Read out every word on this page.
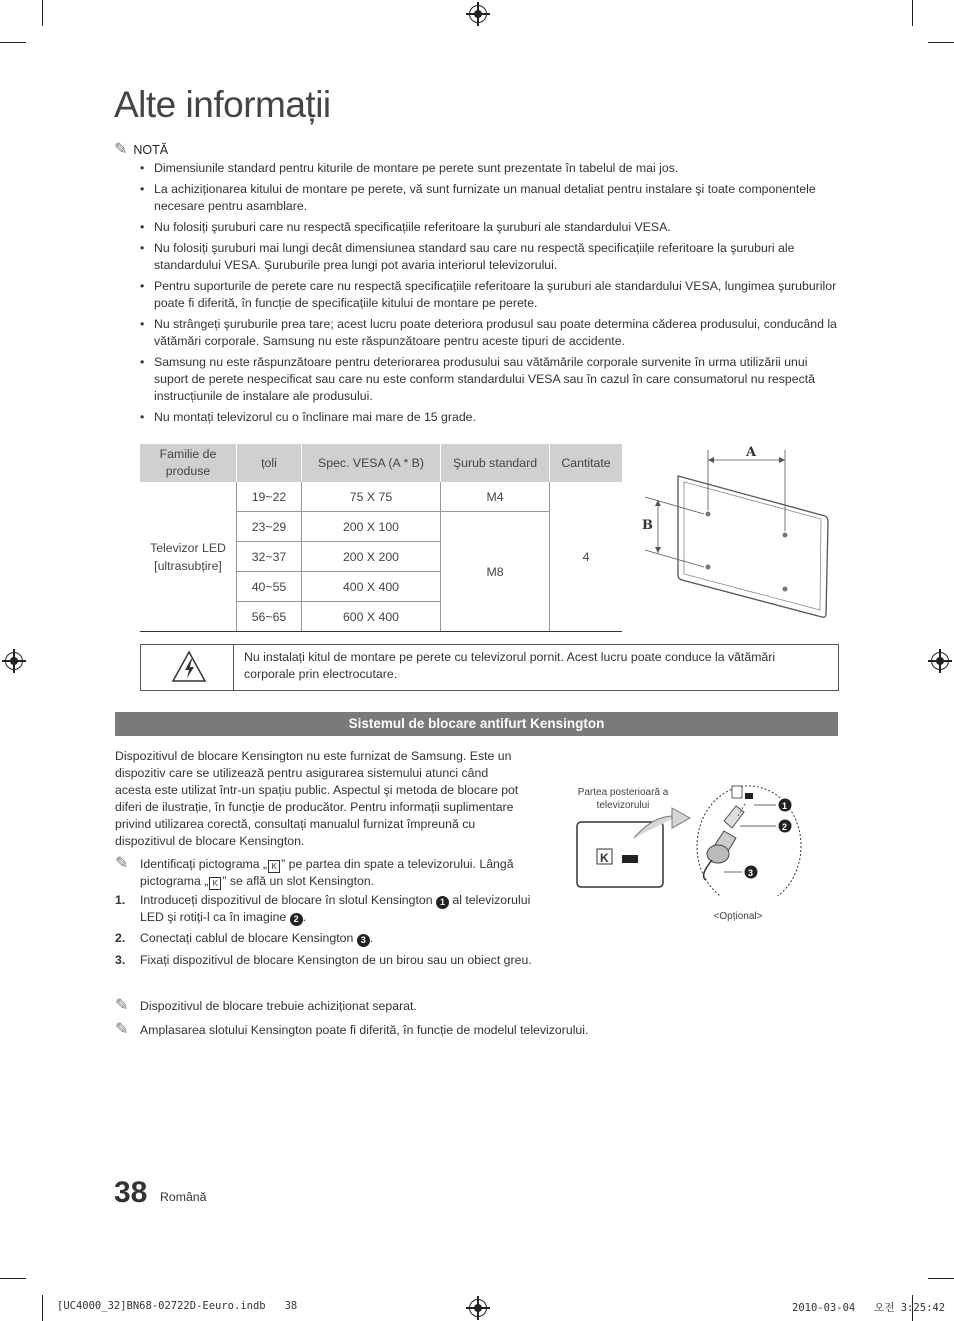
Alte informații
✎ NOTĂ
• Dimensiunile standard pentru kiturile de montare pe perete sunt prezentate în tabelul de mai jos.
• La achiziționarea kitului de montare pe perete, vă sunt furnizate un manual detaliat pentru instalare şi toate componentele necesare pentru asamblare.
• Nu folosiți şuruburi care nu respectă specificațiile referitoare la şuruburi ale standardului VESA.
• Nu folosiți şuruburi mai lungi decât dimensiunea standard sau care nu respectă specificațiile referitoare la şuruburi ale standardului VESA. Şuruburile prea lungi pot avaria interiorul televizorului.
• Pentru suporturile de perete care nu respectă specificațiile referitoare la şuruburi ale standardului VESA, lungimea şuruburilor poate fi diferită, în funcție de specificațiile kitului de montare pe perete.
• Nu strângeți şuruburile prea tare; acest lucru poate deteriora produsul sau poate determina căderea produsului, conducând la vătămări corporale. Samsung nu este răspunzătoare pentru aceste tipuri de accidente.
• Samsung nu este răspunzătoare pentru deteriorarea produsului sau vătămările corporale survenite în urma utilizării unui suport de perete nespecificat sau care nu este conform standardului VESA sau în cazul în care consumatorul nu respectă instrucțiunile de instalare ale produsului.
• Nu montați televizorul cu o înclinare mai mare de 15 grade.
Familie de produse	țoli	Spec. VESA (A * B)	Şurub standard	Cantitate
Televizor LED [ultrasubțire]	19~22	75 X 75	M4	4
	23~29	200 X 100	M8	
	32~37	200 X 200		
	40~55	400 X 400		
	56~65	600 X 400		
A
B
Nu instalați kitul de montare pe perete cu televizorul pornit. Acest lucru poate conduce la vătămări corporale prin electrocutare.
Sistemul de blocare antifurt Kensington
Dispozitivul de blocare Kensington nu este furnizat de Samsung. Este un dispozitiv care se utilizează pentru asigurarea sistemului atunci când acesta este utilizat într-un spațiu public. Aspectul şi metoda de blocare pot diferi de ilustrație, în funcție de producător. Pentru informații suplimentare privind utilizarea corectă, consultați manualul furnizat împreună cu dispozitivul de blocare Kensington.
✎ Identificați pictograma „ K ” pe partea din spate a televizorului. Lângă pictograma „ K ” se află un slot Kensington.
1. Introduceți dispozitivul de blocare în slotul Kensington 1 al televizorului LED şi rotiți-l ca în imagine 2 .
2. Conectați cablul de blocare Kensington 3 .
3. Fixați dispozitivul de blocare Kensington de un birou sau un obiect greu.
✎ Dispozitivul de blocare trebuie achiziționat separat.
✎ Amplasarea slotului Kensington poate fi diferită, în funcție de modelul televizorului.
Partea posterioară a televizorului
K
1
2
3
<Opțional>
38 Română
[UC4000_32]BN68-02722D-Eeuro.indb   38	2010-03-04   오전 3:25:42
